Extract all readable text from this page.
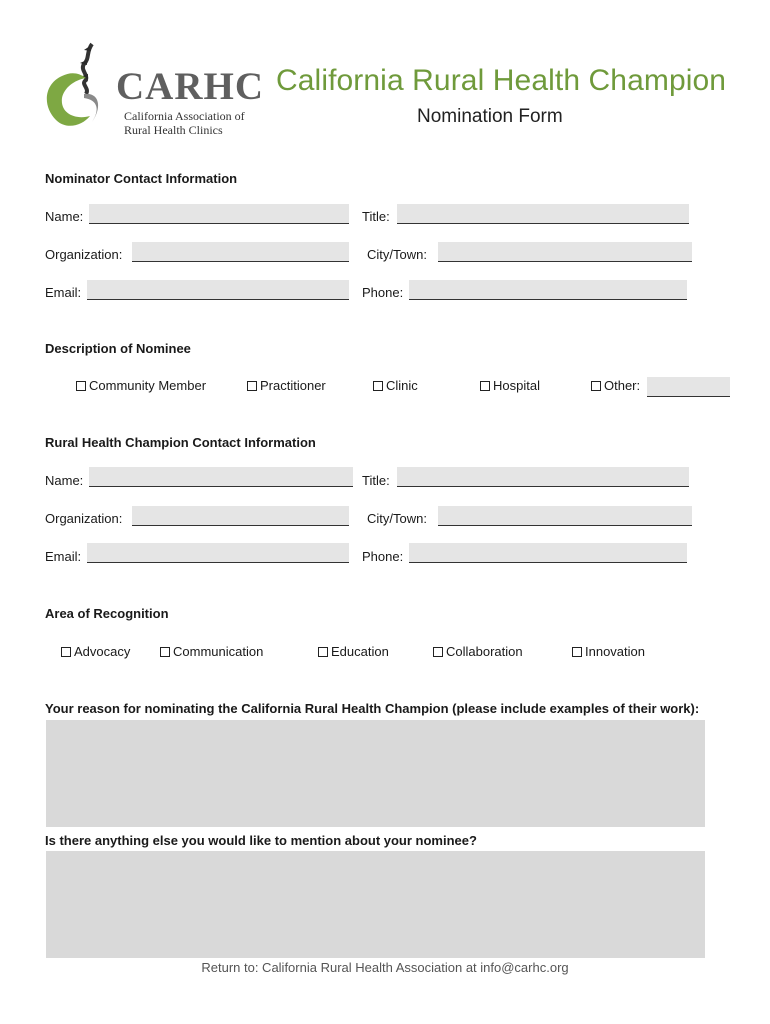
CARHC
California Association of
Rural Health Clinics
California Rural Health Champion
Nomination Form
Nominator Contact Information
Name:	Title:
Organization:	City/Town:
Email:	Phone:
Description of Nominee
Community Member	Practitioner	Clinic	Hospital	Other:
Rural Health Champion Contact Information
Name:	Title:
Organization:	City/Town:
Email:	Phone:
Area of Recognition
Advocacy	Communication	Education	Collaboration	Innovation
Your reason for nominating the California Rural Health Champion (please include examples of their work):
Is there anything else you would like to mention about your nominee?
Return to: California Rural Health Association at info@carhc.org
